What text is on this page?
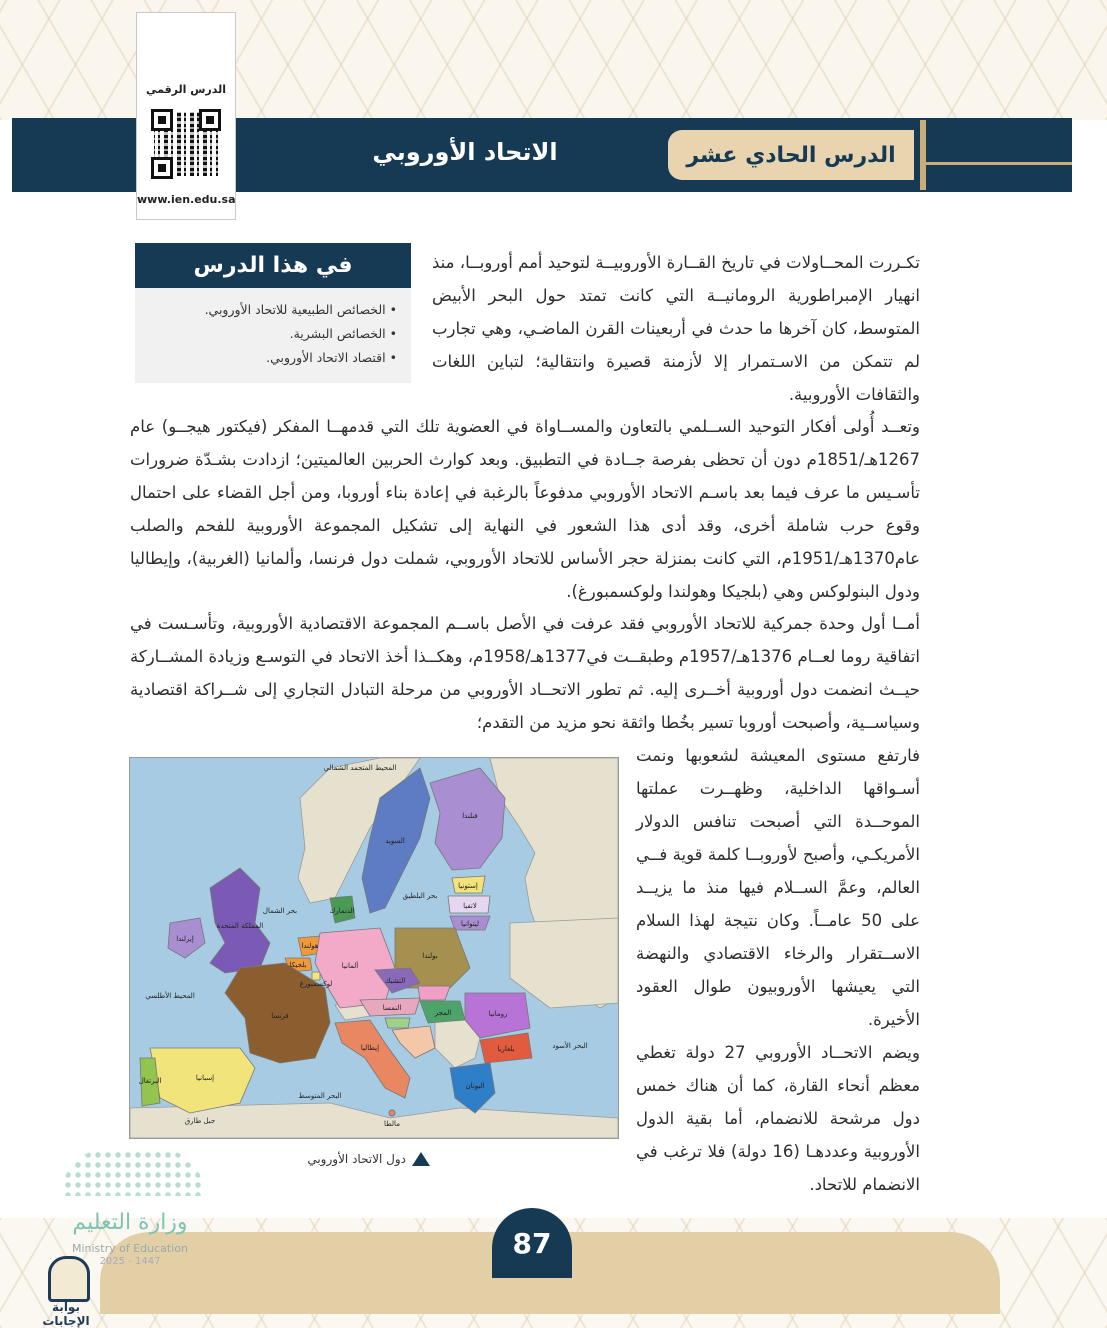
الدرس الحادي عشر
الاتحاد الأوروبي
الدرس الرقمي
www.ien.edu.sa
في هذا الدرس
• الخصائص الطبيعية للاتحاد الأوروبي.
• الخصائص البشرية.
• اقتصاد الاتحاد الأوروبي.
تكـررت المحــاولات في تاريخ القــارة الأوروبيــة لتوحيد أمم أوروبــا، منذ انهيار الإمبراطورية الرومانيــة التي كانت تمتد حول البحر الأبيض المتوسط، كان آخرها ما حدث في أربعينات القرن الماضـي، وهي تجارب لم تتمكن من الاسـتمرار إلا لأزمنة قصيرة وانتقالية؛ لتباين اللغات والثقافات الأوروبية.
وتعــد أُولى أفكار التوحيد الســلمي بالتعاون والمســاواة في العضوية تلك التي قدمهــا المفكر (فيكتور هيجــو) عام 1267هـ/1851م دون أن تحظى بفرصة جــادة في التطبيق. وبعد كوارث الحربين العالميتين؛ ازدادت بشـدّة ضرورات تأسـيس ما عرف فيما بعد باسـم الاتحاد الأوروبي مدفوعاً بالرغبة في إعادة بناء أوروبا، ومن أجل القضاء على احتمال وقوع حرب شاملة أخرى، وقد أدى هذا الشعور في النهاية إلى تشكيل المجموعة الأوروبية للفحم والصلب عام1370هـ/1951م، التي كانت بمنزلة حجر الأساس للاتحاد الأوروبي، شملت دول فرنسا، وألمانيا (الغربية)، وإيطاليا ودول البنولوكس وهي (بلجيكا وهولندا ولوكسمبورغ).
أمــا أول وحدة جمركية للاتحاد الأوروبي فقد عرفت في الأصل باســم المجموعة الاقتصادية الأوروبية، وتأسـست في اتفاقية روما لعــام 1376هـ/1957م وطبقــت في1377هـ/1958م، وهكــذا أخذ الاتحاد في التوسـع وزيادة المشــاركة حيــث انضمت دول أوروبية أخــرى إليه. ثم تطور الاتحــاد الأوروبي من مرحلة التبادل التجاري إلى شــراكة اقتصادية وسياســية، وأصبحت أوروبا تسير بخُطا واثقة نحو مزيد من التقدم؛
فارتفع مستوى المعيشة لشعوبها ونمت أسـواقها الداخلية، وظهــرت عملتها الموحــدة التي أصبحت تنافس الدولار الأمريكـي، وأصبح لأوروبــا كلمة قوية فــي العالم، وعمَّ الســلام فيها منذ ما يزيــد على 50 عامــاً. وكان نتيجة لهذا السلام الاســتقرار والرخاء الاقتصادي والنهضة التي يعيشها الأوروبيون طوال العقود الأخيرة.
ويضم الاتحــاد الأوروبي 27 دولة تغطي معظم أنحاء القارة، كما أن هناك خمس دول مرشحة للانضمام، أما بقية الدول الأوروبية وعددهـا (16 دولة) فلا ترغب في الانضمام للاتحاد.
السويد
فنلندا
إستونيا
لاتفيا
ليتوانيا
الدنمارك
إيرلندا
المملكة المتحدة
هولندا
بلجيكا
لوكسمبورغ
ألمانيا
بولندا
التشيك
النمسا
المجر	رومانيا
بلغاريا
فرنسا
إسبانيا
البرتغال
إيطاليا
اليونان
مالطا
جبل طارق
بحر الشمال
بحر البلطيق
المحيط الأطلسي
البحر المتوسط
البحر الأسود
المحيط المتجمد الشمالي
دول الاتحاد الأوروبي
وزارة التعليم
Ministry of Education
2025 - 1447
87
بوابة الإجابات
